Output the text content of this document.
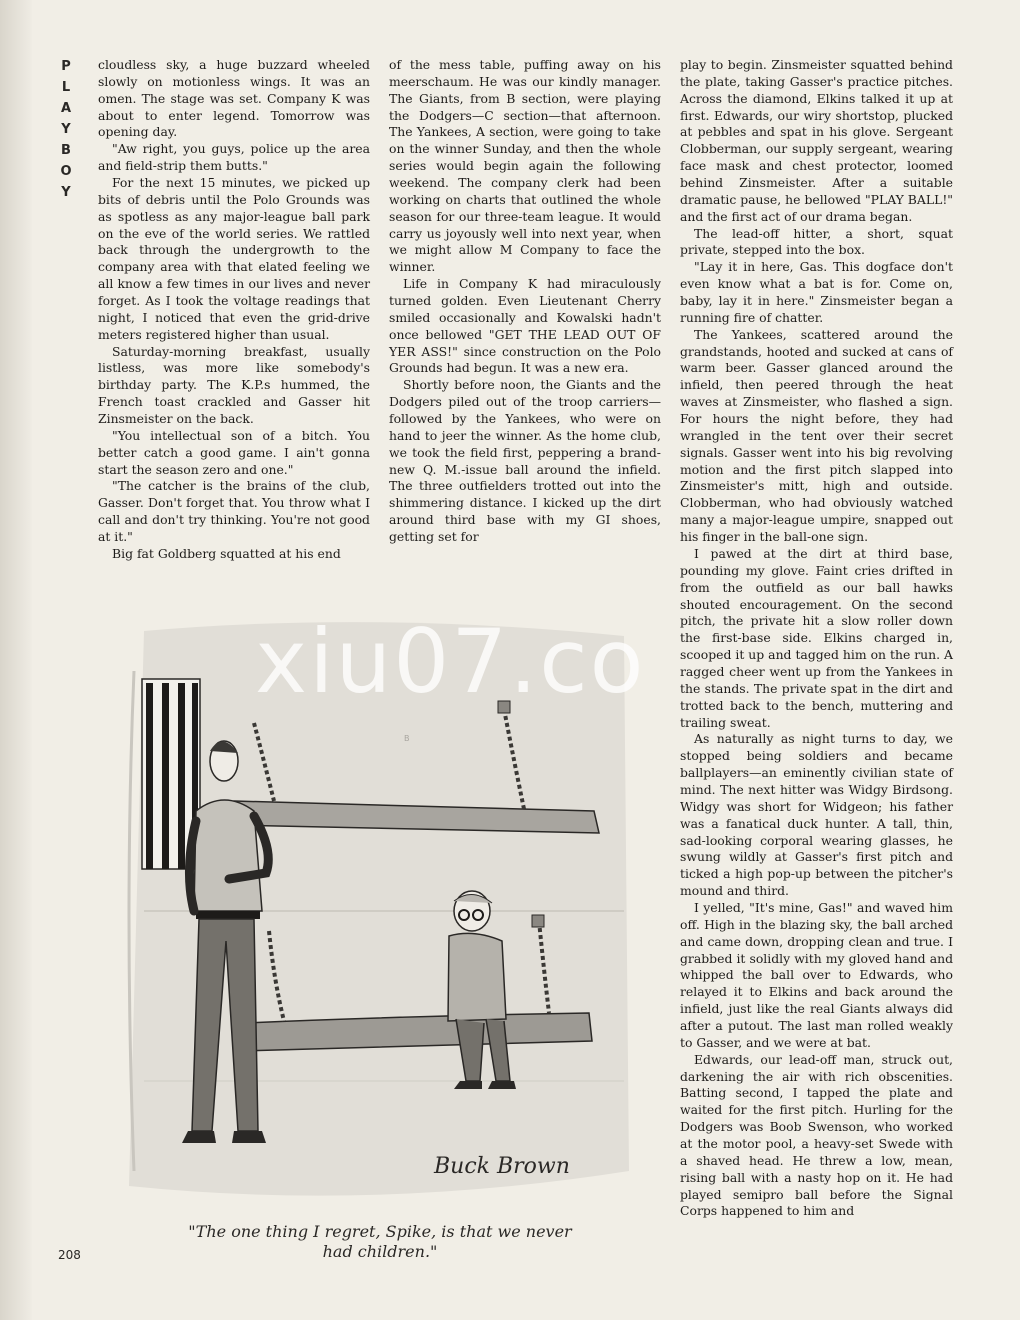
P
L
A
Y
B
O
Y

cloudless sky, a huge buzzard wheeled slowly on motionless wings. It was an omen. The stage was set. Company K was about to enter legend. Tomorrow was opening day.

"Aw right, you guys, police up the area and field-strip them butts."

For the next 15 minutes, we picked up bits of debris until the Polo Grounds was as spotless as any major-league ball park on the eve of the world series. We rattled back through the undergrowth to the company area with that elated feeling we all know a few times in our lives and never forget. As I took the voltage readings that night, I noticed that even the grid-drive meters registered higher than usual.

Saturday-morning breakfast, usually listless, was more like somebody's birthday party. The K.P.s hummed, the French toast crackled and Gasser hit Zinsmeister on the back.

"You intellectual son of a bitch. You better catch a good game. I ain't gonna start the season zero and one."

"The catcher is the brains of the club, Gasser. Don't forget that. You throw what I call and don't try thinking. You're not good at it."

Big fat Goldberg squatted at his end

of the mess table, puffing away on his meerschaum. He was our kindly manager. The Giants, from B section, were playing the Dodgers—C section—that afternoon. The Yankees, A section, were going to take on the winner Sunday, and then the whole series would begin again the following weekend. The company clerk had been working on charts that outlined the whole season for our three-team league. It would carry us joyously well into next year, when we might allow M Company to face the winner.

Life in Company K had miraculously turned golden. Even Lieutenant Cherry smiled occasionally and Kowalski hadn't once bellowed "GET THE LEAD OUT OF YER ASS!" since construction on the Polo Grounds had begun. It was a new era.

Shortly before noon, the Giants and the Dodgers piled out of the troop carriers—followed by the Yankees, who were on hand to jeer the winner. As the home club, we took the field first, peppering a brand-new Q. M.-issue ball around the infield. The three outfielders trotted out into the shimmering distance. I kicked up the dirt around third base with my GI shoes, getting set for

play to begin. Zinsmeister squatted behind the plate, taking Gasser's practice pitches. Across the diamond, Elkins talked it up at first. Edwards, our wiry shortstop, plucked at pebbles and spat in his glove. Sergeant Clobberman, our supply sergeant, wearing face mask and chest protector, loomed behind Zinsmeister. After a suitable dramatic pause, he bellowed "PLAY BALL!" and the first act of our drama began.

The lead-off hitter, a short, squat private, stepped into the box.

"Lay it in here, Gas. This dogface don't even know what a bat is for. Come on, baby, lay it in here." Zinsmeister began a running fire of chatter.

The Yankees, scattered around the grandstands, hooted and sucked at cans of warm beer. Gasser glanced around the infield, then peered through the heat waves at Zinsmeister, who flashed a sign. For hours the night before, they had wrangled in the tent over their secret signals. Gasser went into his big revolving motion and the first pitch slapped into Zinsmeister's mitt, high and outside. Clobberman, who had obviously watched many a major-league umpire, snapped out his finger in the ball-one sign.

I pawed at the dirt at third base, pounding my glove. Faint cries drifted in from the outfield as our ball hawks shouted encouragement. On the second pitch, the private hit a slow roller down the first-base side. Elkins charged in, scooped it up and tagged him on the run. A ragged cheer went up from the Yankees in the stands. The private spat in the dirt and trotted back to the bench, muttering and trailing sweat.

As naturally as night turns to day, we stopped being soldiers and became ballplayers—an eminently civilian state of mind. The next hitter was Widgy Birdsong. Widgy was short for Widgeon; his father was a fanatical duck hunter. A tall, thin, sad-looking corporal wearing glasses, he swung wildly at Gasser's first pitch and ticked a high pop-up between the pitcher's mound and third.

I yelled, "It's mine, Gas!" and waved him off. High in the blazing sky, the ball arched and came down, dropping clean and true. I grabbed it solidly with my gloved hand and whipped the ball over to Edwards, who relayed it to Elkins and back around the infield, just like the real Giants always did after a putout. The last man rolled weakly to Gasser, and we were at bat.

Edwards, our lead-off man, struck out, darkening the air with rich obscenities. Batting second, I tapped the plate and waited for the first pitch. Hurling for the Dodgers was Boob Swenson, who worked at the motor pool, a heavy-set Swede with a shaved head. He threw a low, mean, rising ball with a nasty hop on it. He had played semipro ball before the Signal Corps happened to him and

B
Buck Brown
xiu07.co
"The one thing I regret, Spike, is that we never had children."
208
